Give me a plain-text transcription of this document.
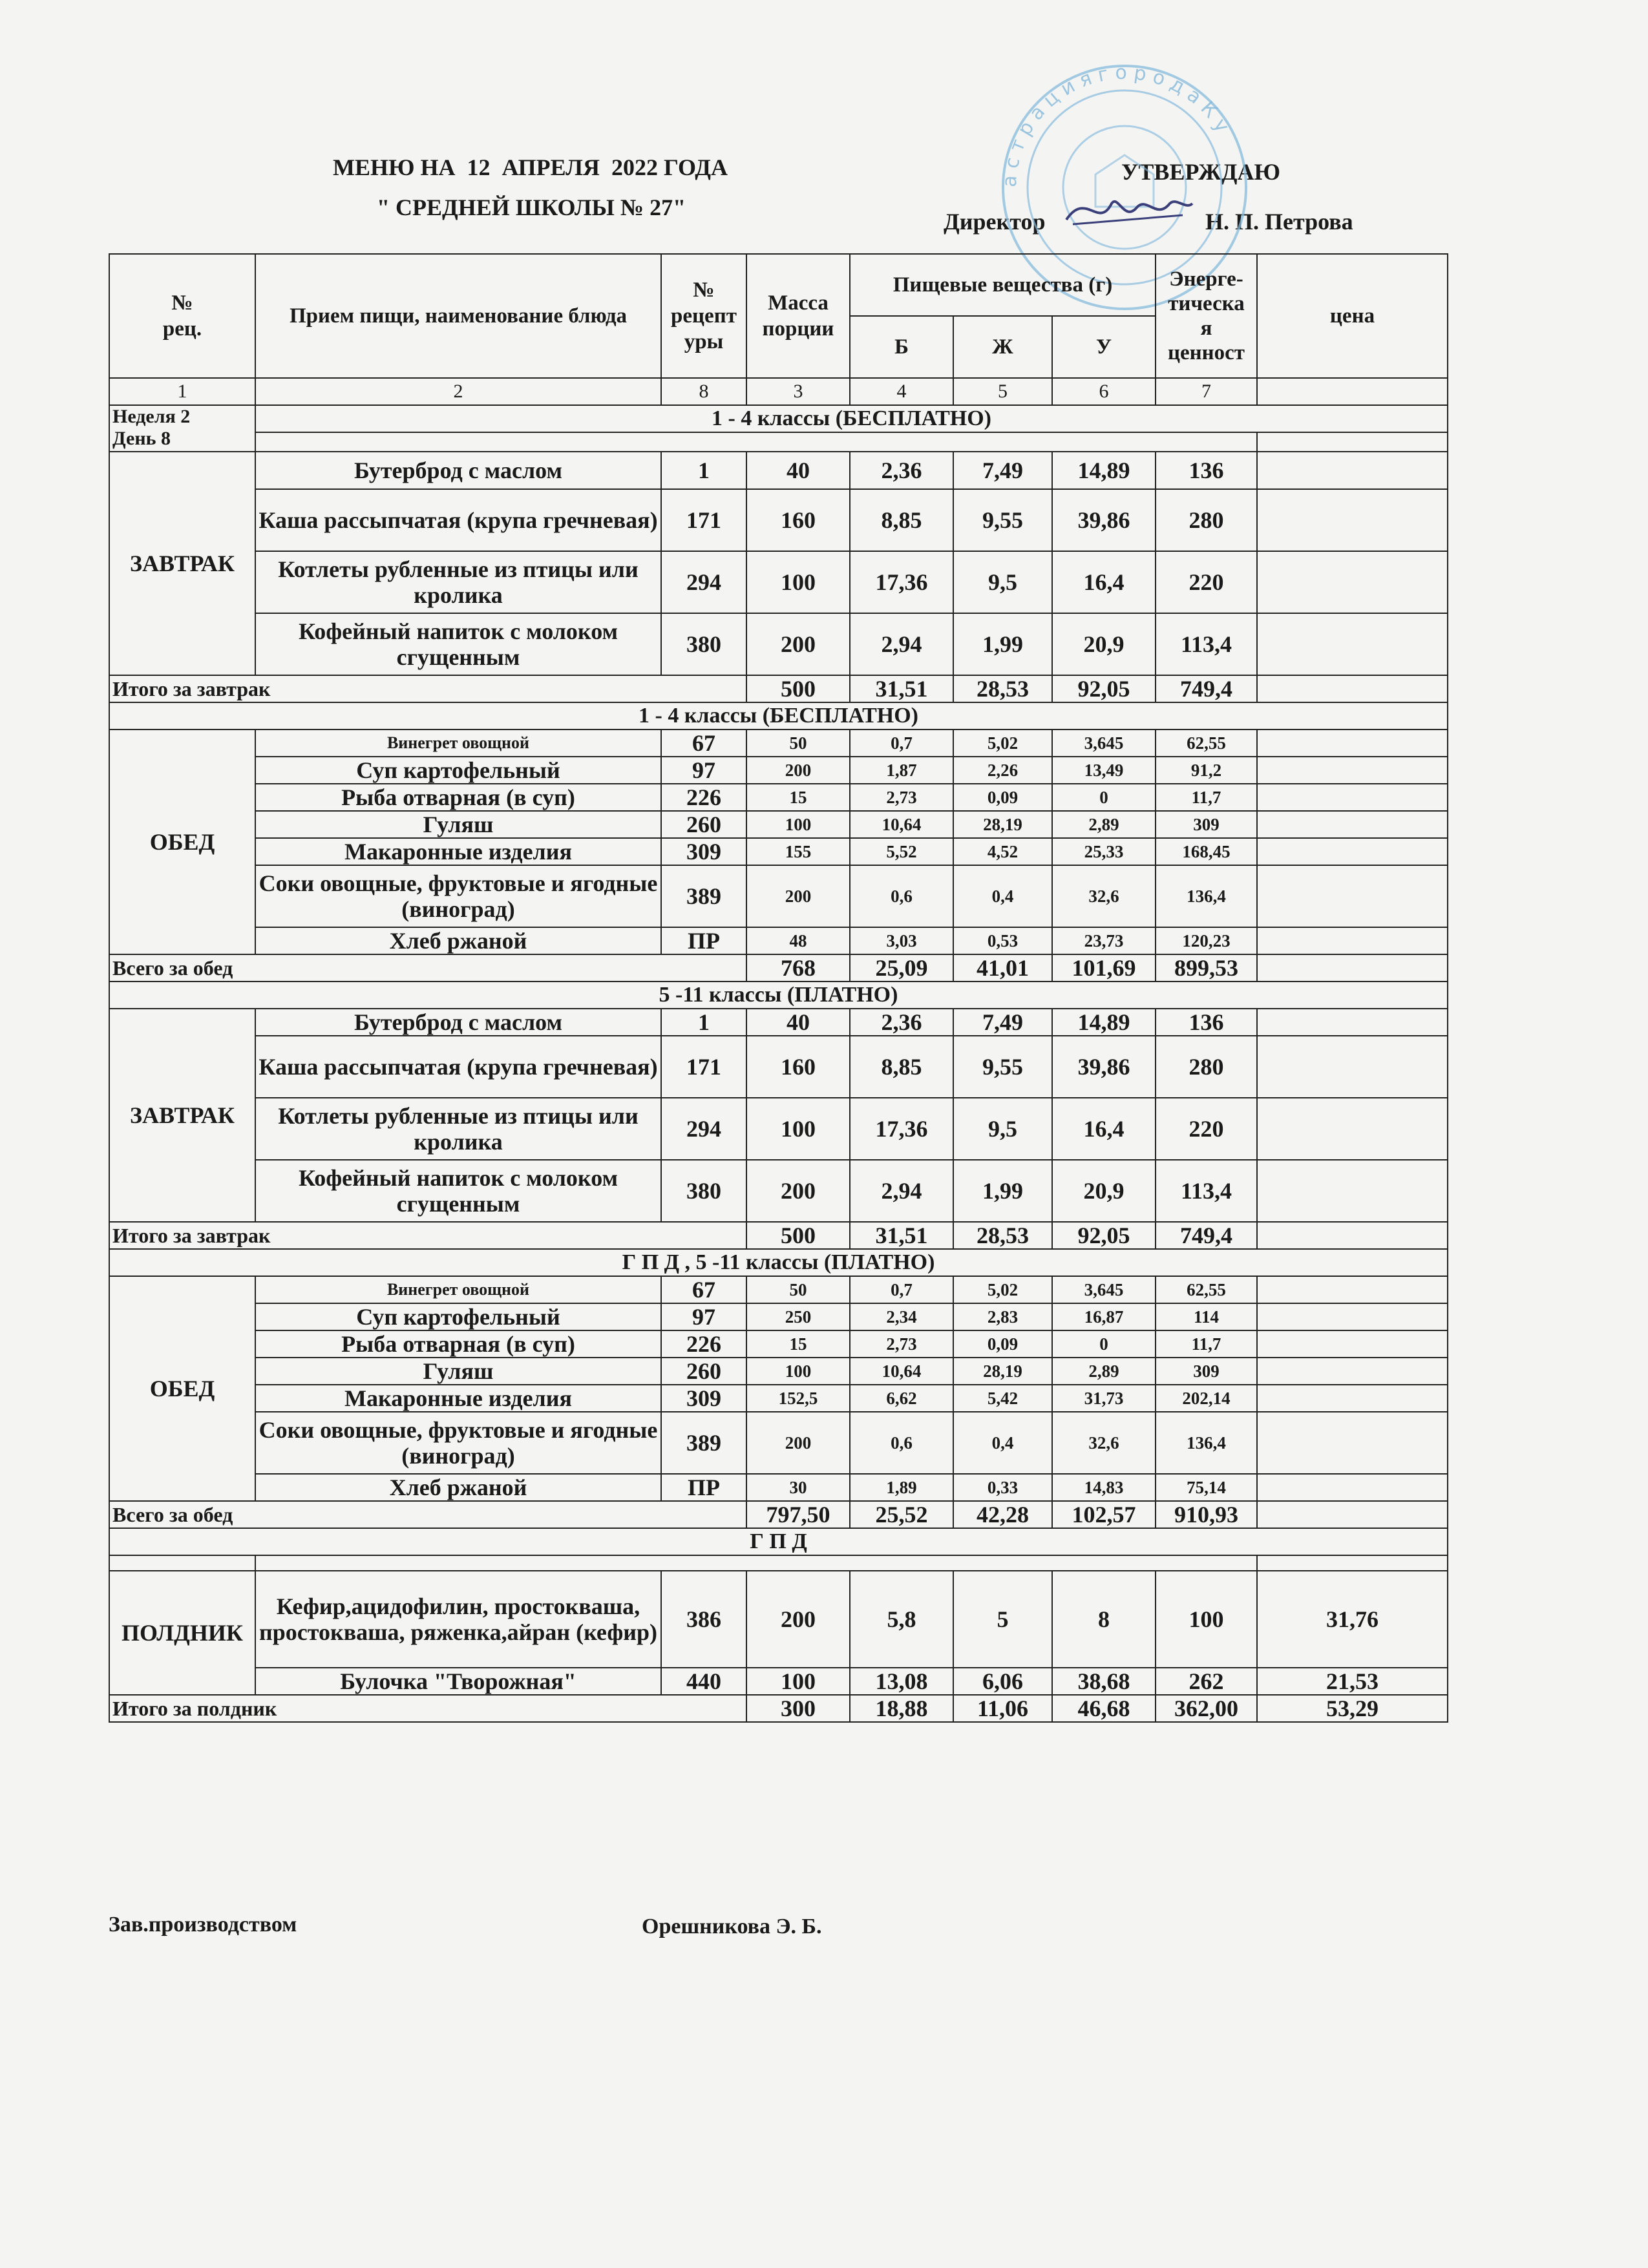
МЕНЮ НА  12  АПРЕЛЯ  2022 ГОДА
" СРЕДНЕЙ ШКОЛЫ № 27"
УТВЕРЖДАЮ
Директор	Н. П. Петрова
а с т р а ц и я г о р о д а К у
№
рец.	Прием пищи, наименование блюда	№
рецепт
уры	Масса
порции	Пищевые вещества (г)			Энерге-
тическа
я
ценност	цена
				Б	Ж	У		
1	2	8	3	4	5	6	7	

Неделя 2
День 8	1 - 4 классы (БЕСПЛАТНО)							

ЗАВТРАК	Бутерброд с маслом	1	40	2,36	7,49	14,89	136	
	Каша рассыпчатая (крупа гречневая)	171	160	8,85	9,55	39,86	280	
	Котлеты рубленные из птицы или кролика	294	100	17,36	9,5	16,4	220	
	Кофейный напиток с молоком сгущенным	380	200	2,94	1,99	20,9	113,4	
Итого за завтрак			500	31,51	28,53	92,05	749,4	
1 - 4 классы (БЕСПЛАТНО)								
ОБЕД	Винегрет овощной	67	50	0,7	5,02	3,645	62,55	
	Суп картофельный	97	200	1,87	2,26	13,49	91,2	
	Рыба отварная (в суп)	226	15	2,73	0,09	0	11,7	
	Гуляш	260	100	10,64	28,19	2,89	309	
	Макаронные изделия	309	155	5,52	4,52	25,33	168,45	
	Соки овощные, фруктовые и ягодные (виноград)	389	200	0,6	0,4	32,6	136,4	
	Хлеб ржаной	ПР	48	3,03	0,53	23,73	120,23	
Всего за обед			768	25,09	41,01	101,69	899,53	
5 -11 классы (ПЛАТНО)								
ЗАВТРАК	Бутерброд с маслом	1	40	2,36	7,49	14,89	136	
	Каша рассыпчатая (крупа гречневая)	171	160	8,85	9,55	39,86	280	
	Котлеты рубленные из птицы или кролика	294	100	17,36	9,5	16,4	220	
	Кофейный напиток с молоком сгущенным	380	200	2,94	1,99	20,9	113,4	
Итого за завтрак			500	31,51	28,53	92,05	749,4	
Г П Д , 5 -11 классы (ПЛАТНО)								
ОБЕД	Винегрет овощной	67	50	0,7	5,02	3,645	62,55	
	Суп картофельный	97	250	2,34	2,83	16,87	114	
	Рыба отварная (в суп)	226	15	2,73	0,09	0	11,7	
	Гуляш	260	100	10,64	28,19	2,89	309	
	Макаронные изделия	309	152,5	6,62	5,42	31,73	202,14	
	Соки овощные, фруктовые и ягодные (виноград)	389	200	0,6	0,4	32,6	136,4	
	Хлеб ржаной	ПР	30	1,89	0,33	14,83	75,14	
Всего за обед			797,50	25,52	42,28	102,57	910,93	
Г П Д								

ПОЛДНИК	Кефир,ацидофилин, простокваша, простокваша, ряженка,айран (кефир)	386	200	5,8	5	8	100	31,76
	Булочка "Творожная"	440	100	13,08	6,06	38,68	262	21,53
Итого за полдник			300	18,88	11,06	46,68	362,00	53,29
Зав.производством	Орешникова Э. Б.
